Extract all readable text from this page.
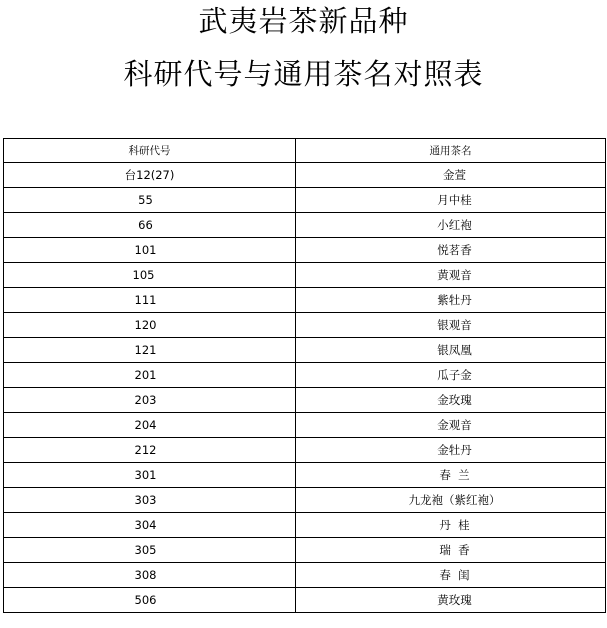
武夷岩茶新品种
科研代号与通用茶名对照表
科研代号	通用茶名
台12(27)	金萱
55	月中桂
66	小红袍
101	悦茗香
105	黄观音
111	紫牡丹
120	银观音
121	银凤凰
201	瓜子金
203	金玫瑰
204	金观音
212	金牡丹
301	春  兰
303	九龙袍（紫红袍）
304	丹  桂
305	瑞  香
308	春  闺
506	黄玫瑰
